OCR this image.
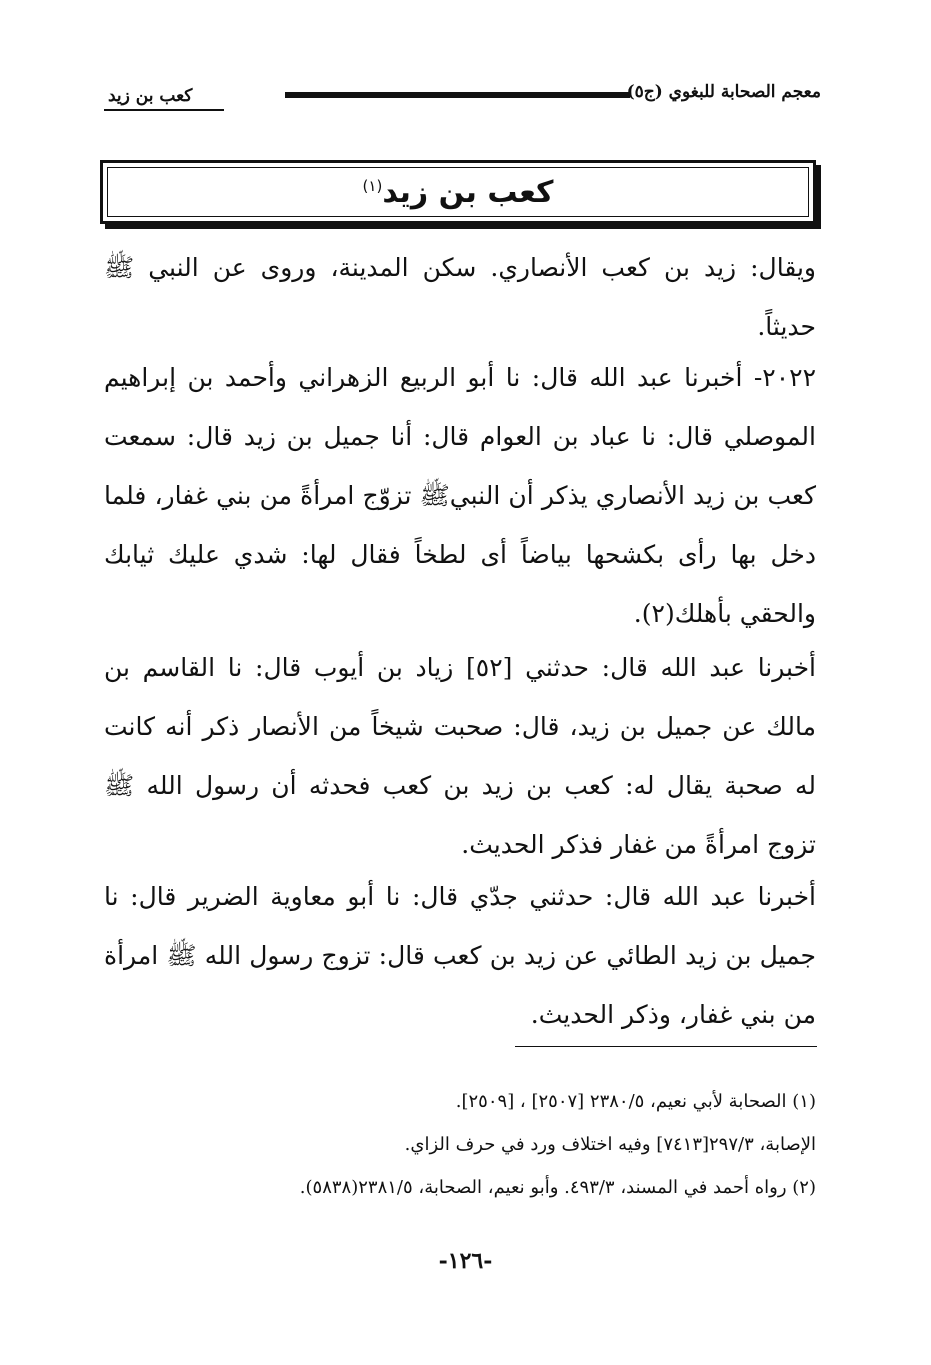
كعب بن زيد	معجم الصحابة للبغوي (ج٥)
كعب بن زيد$^{(١)}$

ويقال: زيد بن كعب الأنصاري. سكن المدينة، وروى عن النبي ﷺ حديثاً.

٢٠٢٢- أخبرنا عبد الله قال: نا أبو الربيع الزهراني وأحمد بن إبراهيم الموصلي قال: نا عباد بن العوام قال: أنا جميل بن زيد قال: سمعت كعب بن زيد الأنصاري يذكر أن النبيﷺ تزوّج امرأةً من بني غفار، فلما دخل بها رأى بكشحها بياضاً أى لطخاً فقال لها: شدي عليك ثيابك والحقي بأهلك(٢).

أخبرنا عبد الله قال: حدثني [٥٢] زياد بن أيوب قال: نا القاسم بن مالك عن جميل بن زيد، قال: صحبت شيخاً من الأنصار ذكر أنه كانت له صحبة يقال له: كعب بن زيد بن كعب فحدثه أن رسول الله ﷺ تزوج امرأةً من غفار فذكر الحديث.

أخبرنا عبد الله قال: حدثني جدّي قال: نا أبو معاوية الضرير قال: نا جميل بن زيد الطائي عن زيد بن كعب قال: تزوج رسول الله ﷺ امرأة من بني غفار، وذكر الحديث.

(١) الصحابة لأبي نعيم، ٢٣٨٠/٥ [٢٥٠٧] ، [٢٥٠٩].
الإصابة، ٢٩٧/٣[٧٤١٣] وفيه اختلاف ورد في حرف الزاي.
(٢) رواه أحمد في المسند، ٤٩٣/٣. وأبو نعيم، الصحابة، ٢٣٨١/٥(٥٨٣٨).
-١٢٦-
